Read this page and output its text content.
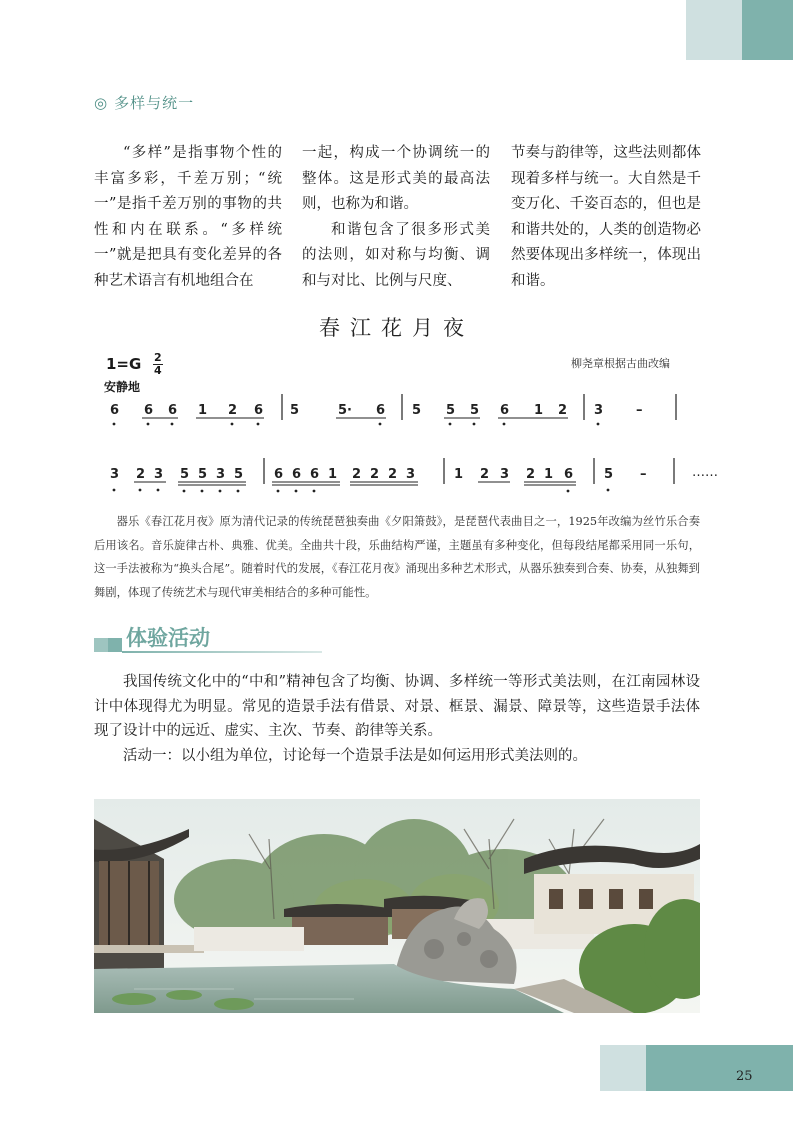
◎ 多样与统一

“多样”是指事物个性的丰富多彩，千差万别；“统一”是指千差万别的事物的共性和内在联系。“多样统一”就是把具有变化差异的各种艺术语言有机地组合在

一起，构成一个协调统一的整体。这是形式美的最高法则，也称为和谐。

和谐包含了很多形式美的法则，如对称与均衡、调和与对比、比例与尺度、

节奏与韵律等，这些法则都体现着多样与统一。大自然是千变万化、千姿百态的，但也是和谐共处的，人类的创造物必然要体现出多样统一，体现出和谐。

春江花月夜
$1=G \frac{2}{4}$	柳尧章根据古曲改编
安静地
6 6 6 1 2 6 5	5· 6 5 5 5 6 1 2 3	–
3 2 3 5 5 3 5 6 6 6 1 2 2 2 3	1 2 3 2 1 6 5 –	……

器乐《春江花月夜》原为清代记录的传统琵琶独奏曲《夕阳箫鼓》，是琵琶代表曲目之一，1925年改编为丝竹乐合奏后用该名。音乐旋律古朴、典雅、优美。全曲共十段，乐曲结构严谨，主题虽有多种变化，但每段结尾都采用同一乐句，这一手法被称为“换头合尾”。随着时代的发展，《春江花月夜》涌现出多种艺术形式，从器乐独奏到合奏、协奏，从独舞到舞剧，体现了传统艺术与现代审美相结合的多种可能性。

体验活动

我国传统文化中的“中和”精神包含了均衡、协调、多样统一等形式美法则，在江南园林设计中体现得尤为明显。常见的造景手法有借景、对景、框景、漏景、障景等，这些造景手法体现了设计中的远近、虚实、主次、节奏、韵律等关系。

活动一：以小组为单位，讨论每一个造景手法是如何运用形式美法则的。

25
